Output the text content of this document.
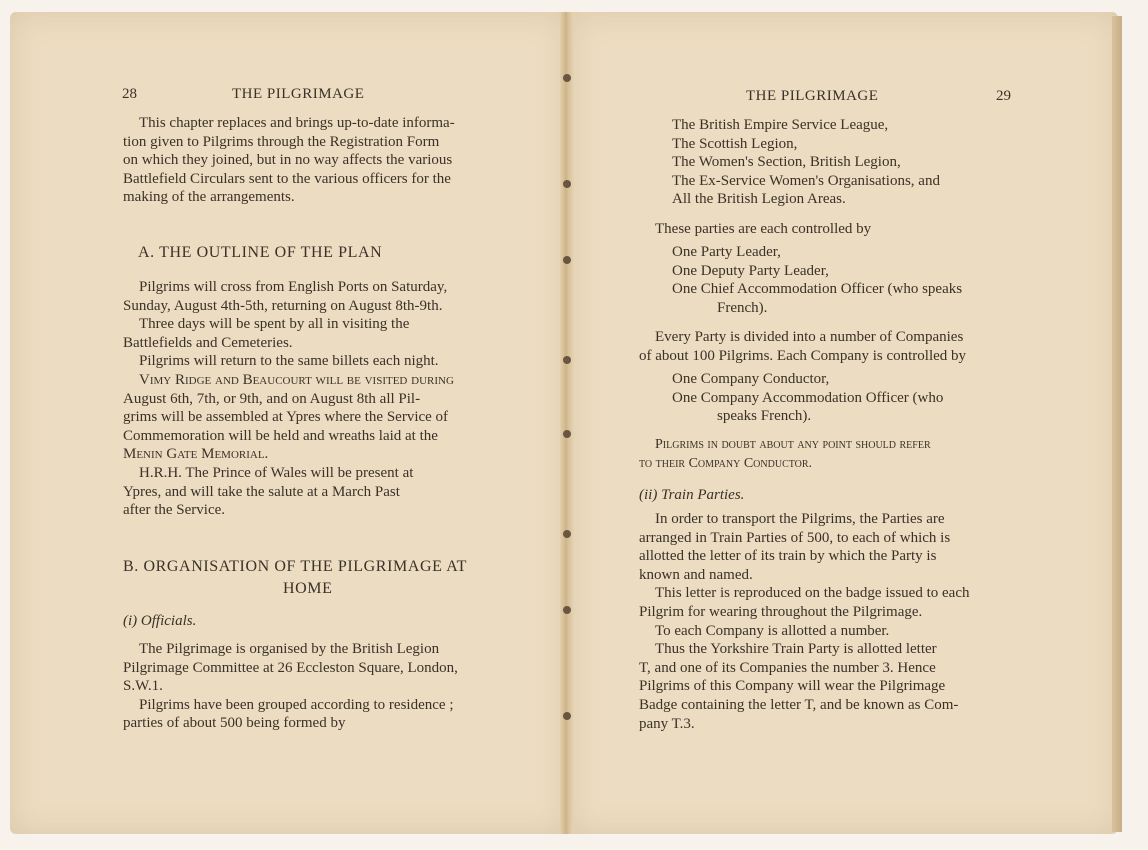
28	THE PILGRIMAGE
This chapter replaces and brings up-to-date informa-
tion given to Pilgrims through the Registration Form
on which they joined, but in no way affects the various
Battlefield Circulars sent to the various officers for the
making of the arrangements.
A. THE OUTLINE OF THE PLAN
Pilgrims will cross from English Ports on Saturday,
Sunday, August 4th-5th, returning on August 8th-9th.
Three days will be spent by all in visiting the
Battlefields and Cemeteries.
Pilgrims will return to the same billets each night.
Vimy Ridge and Beaucourt will be visited during
August 6th, 7th, or 9th, and on August 8th all Pil-
grims will be assembled at Ypres where the Service of
Commemoration will be held and wreaths laid at the
Menin Gate Memorial.
H.R.H. The Prince of Wales will be present at
Ypres, and will take the salute at a March Past
after the Service.
B. ORGANISATION OF THE PILGRIMAGE AT
HOME
(i) Officials.
The Pilgrimage is organised by the British Legion
Pilgrimage Committee at 26 Eccleston Square, London,
S.W.1.
Pilgrims have been grouped according to residence ;
parties of about 500 being formed by
THE PILGRIMAGE	29
The British Empire Service League,
The Scottish Legion,
The Women's Section, British Legion,
The Ex-Service Women's Organisations, and
All the British Legion Areas.
These parties are each controlled by
One Party Leader,
One Deputy Party Leader,
One Chief Accommodation Officer (who speaks
French).
Every Party is divided into a number of Companies
of about 100 Pilgrims. Each Company is controlled by
One Company Conductor,
One Company Accommodation Officer (who
speaks French).
Pilgrims in doubt about any point should refer
to their Company Conductor.
(ii) Train Parties.
In order to transport the Pilgrims, the Parties are
arranged in Train Parties of 500, to each of which is
allotted the letter of its train by which the Party is
known and named.
This letter is reproduced on the badge issued to each
Pilgrim for wearing throughout the Pilgrimage.
To each Company is allotted a number.
Thus the Yorkshire Train Party is allotted letter
T, and one of its Companies the number 3. Hence
Pilgrims of this Company will wear the Pilgrimage
Badge containing the letter T, and be known as Com-
pany T.3.
